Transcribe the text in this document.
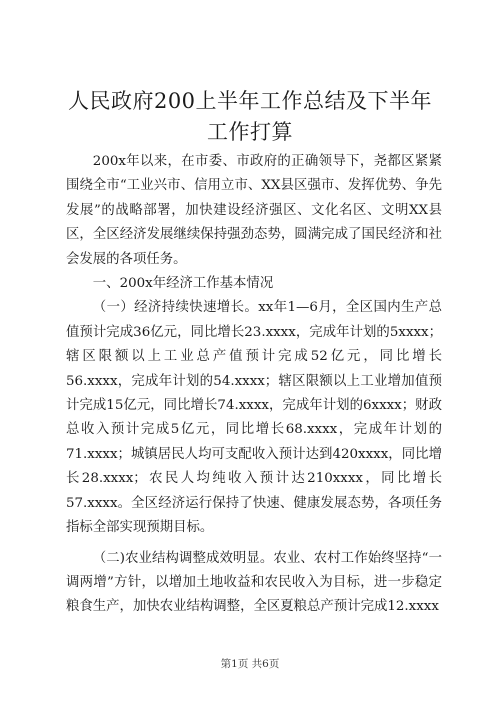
人民政府200上半年工作总结及下半年工作打算

200x年以来，在市委、市政府的正确领导下，尧都区紧紧围绕全市“工业兴市、信用立市、XX县区强市、发挥优势、争先发展”的战略部署，加快建设经济强区、文化名区、文明XX县区，全区经济发展继续保持强劲态势，圆满完成了国民经济和社会发展的各项任务。

一、200x年经济工作基本情况

（一）经济持续快速增长。xx年1—6月，全区国内生产总值预计完成36亿元，同比增长23.xxxx，完成年计划的5xxxx；辖区限额以上工业总产值预计完成52亿元，同比增长56.xxxx，完成年计划的54.xxxx；辖区限额以上工业增加值预计完成15亿元，同比增长74.xxxx，完成年计划的6xxxx；财政总收入预计完成5亿元，同比增长68.xxxx，完成年计划的71.xxxx；城镇居民人均可支配收入预计达到420xxxx，同比增长28.xxxx；农民人均纯收入预计达210xxxx，同比增长57.xxxx。全区经济运行保持了快速、健康发展态势，各项任务指标全部实现预期目标。

（二)农业结构调整成效明显。农业、农村工作始终坚持“一调两增”方针，以增加土地收益和农民收入为目标，进一步稳定粮食生产，加快农业结构调整，全区夏粮总产预计完成12.xxxx

第1页 共6页
